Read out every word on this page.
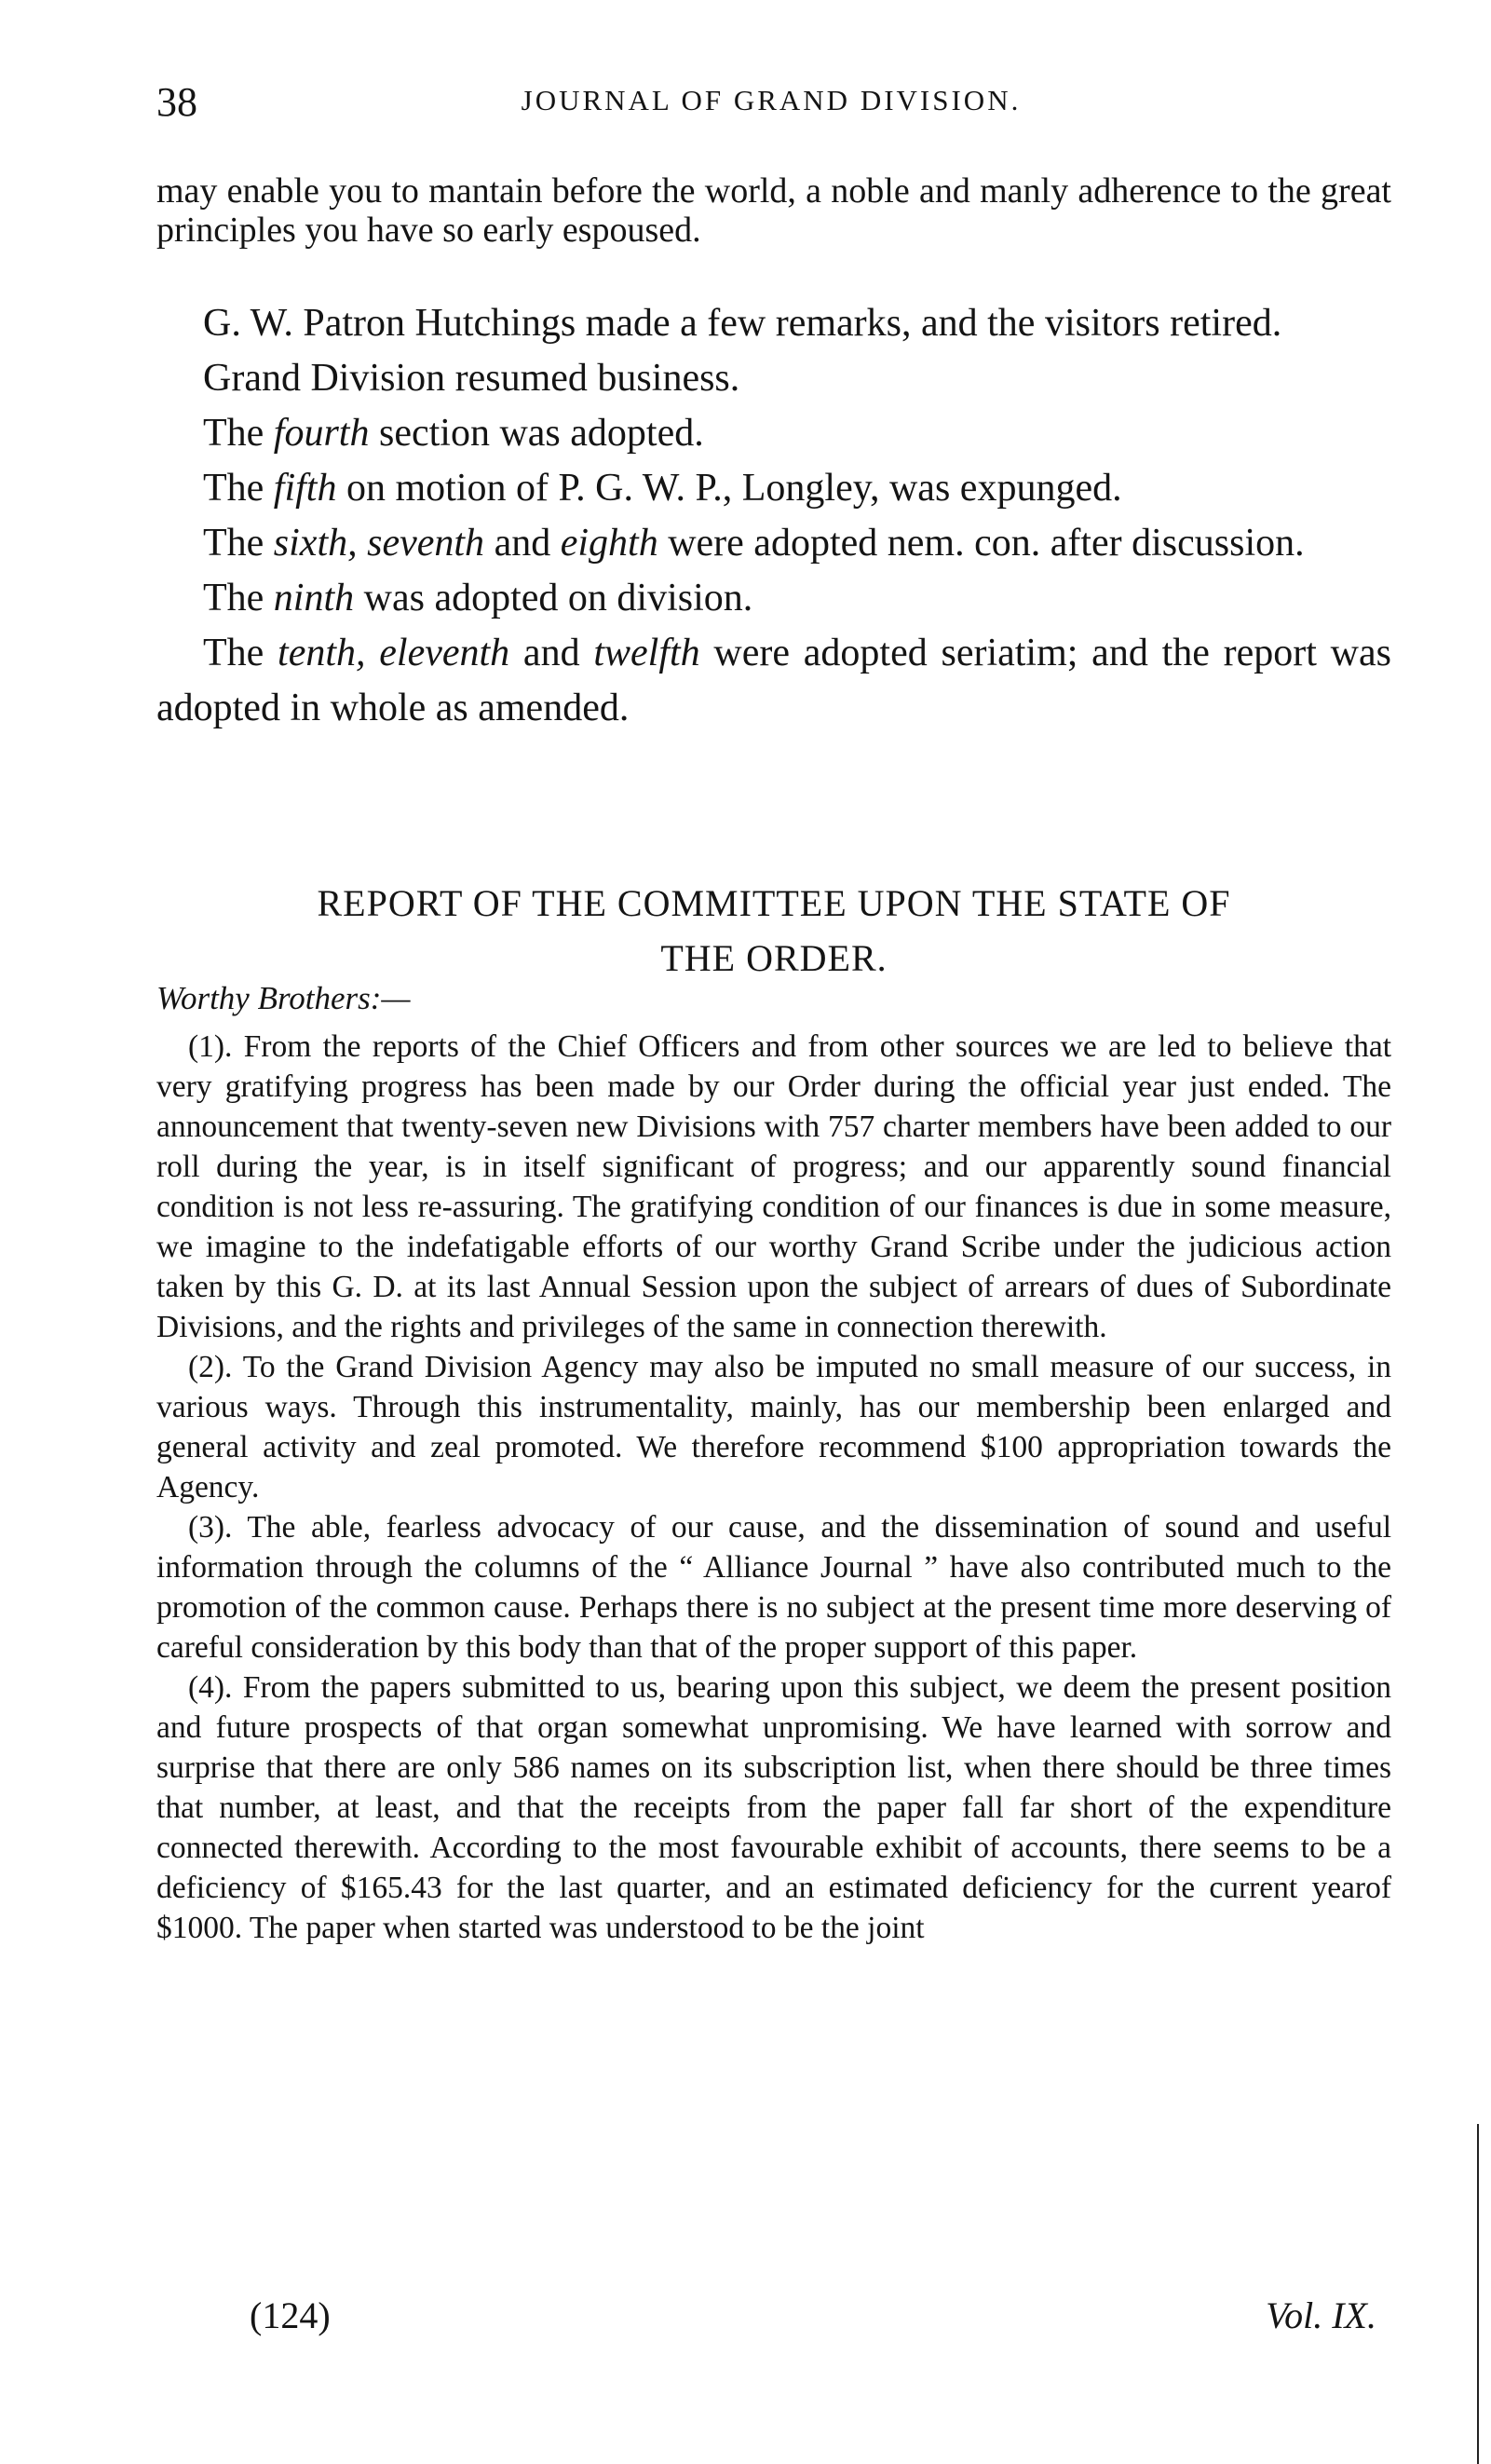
38	JOURNAL OF GRAND DIVISION.

may enable you to mantain before the world, a noble and manly adherence to the great principles you have so early espoused.

G. W. Patron Hutchings made a few remarks, and the visitors retired.

Grand Division resumed business.

The fourth section was adopted.

The fifth on motion of P. G. W. P., Longley, was expunged.

The sixth, seventh and eighth were adopted nem. con. after discussion.

The ninth was adopted on division.

The tenth, eleventh and twelfth were adopted seriatim; and the report was adopted in whole as amended.

REPORT OF THE COMMITTEE UPON THE STATE OF
THE ORDER.
Worthy Brothers:—

(1). From the reports of the Chief Officers and from other sources we are led to believe that very gratifying progress has been made by our Order during the official year just ended. The announcement that twenty-seven new Divisions with 757 charter members have been added to our roll during the year, is in itself significant of progress; and our apparently sound financial condition is not less re-assuring. The gratifying condition of our finances is due in some measure, we imagine to the indefatigable efforts of our worthy Grand Scribe under the judicious action taken by this G. D. at its last Annual Session upon the subject of arrears of dues of Subordinate Divisions, and the rights and privileges of the same in connection therewith.

(2). To the Grand Division Agency may also be imputed no small measure of our success, in various ways. Through this instrumentality, mainly, has our membership been enlarged and general activity and zeal promoted. We therefore recommend $100 appropriation towards the Agency.

(3). The able, fearless advocacy of our cause, and the dissemination of sound and useful information through the columns of the “ Alliance Journal ” have also contributed much to the promotion of the common cause. Perhaps there is no subject at the present time more deserving of careful consideration by this body than that of the proper support of this paper.

(4). From the papers submitted to us, bearing upon this subject, we deem the present position and future prospects of that organ somewhat unpromising. We have learned with sorrow and surprise that there are only 586 names on its subscription list, when there should be three times that number, at least, and that the receipts from the paper fall far short of the expenditure connected therewith. According to the most favourable exhibit of accounts, there seems to be a deficiency of $165.43 for the last quarter, and an estimated deficiency for the current yearof $1000. The paper when started was understood to be the joint

(124)	Vol. IX.
